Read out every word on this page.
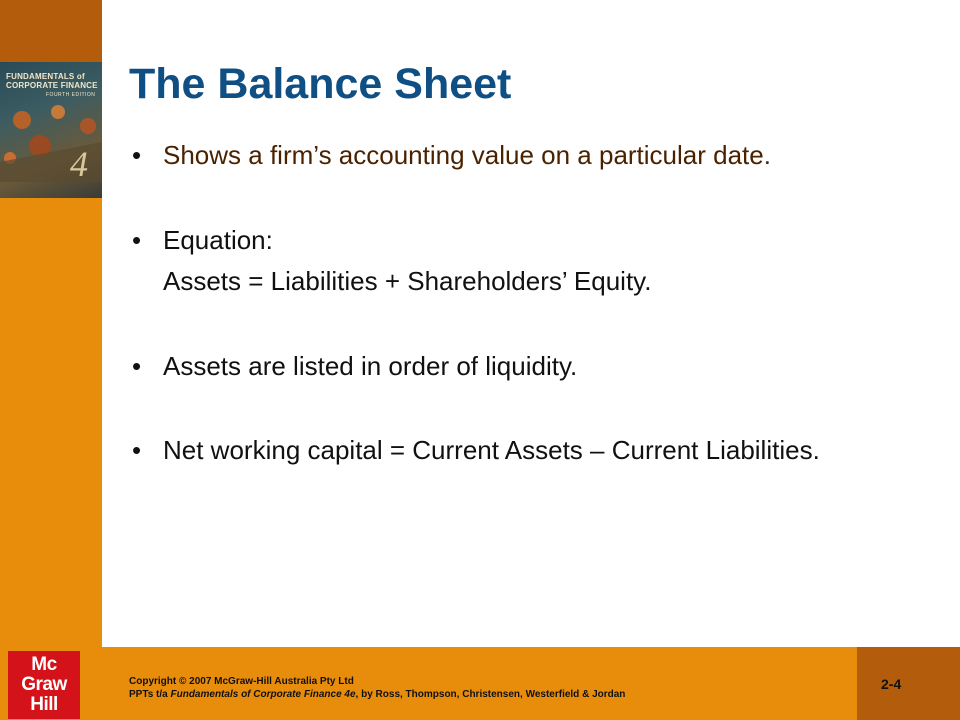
FUNDAMENTALS of
CORPORATE FINANCE
FOURTH EDITION
4
The Balance Sheet
• Shows a firm’s accounting value on a particular date.
• Equation:
Assets = Liabilities + Shareholders’ Equity.
• Assets are listed in order of liquidity.
• Net working capital = Current Assets – Current Liabilities.
Mc
Graw
Hill
Copyright © 2007 McGraw-Hill Australia Pty Ltd
PPTs t/a Fundamentals of Corporate Finance 4e, by Ross, Thompson, Christensen, Westerfield & Jordan
2-4
